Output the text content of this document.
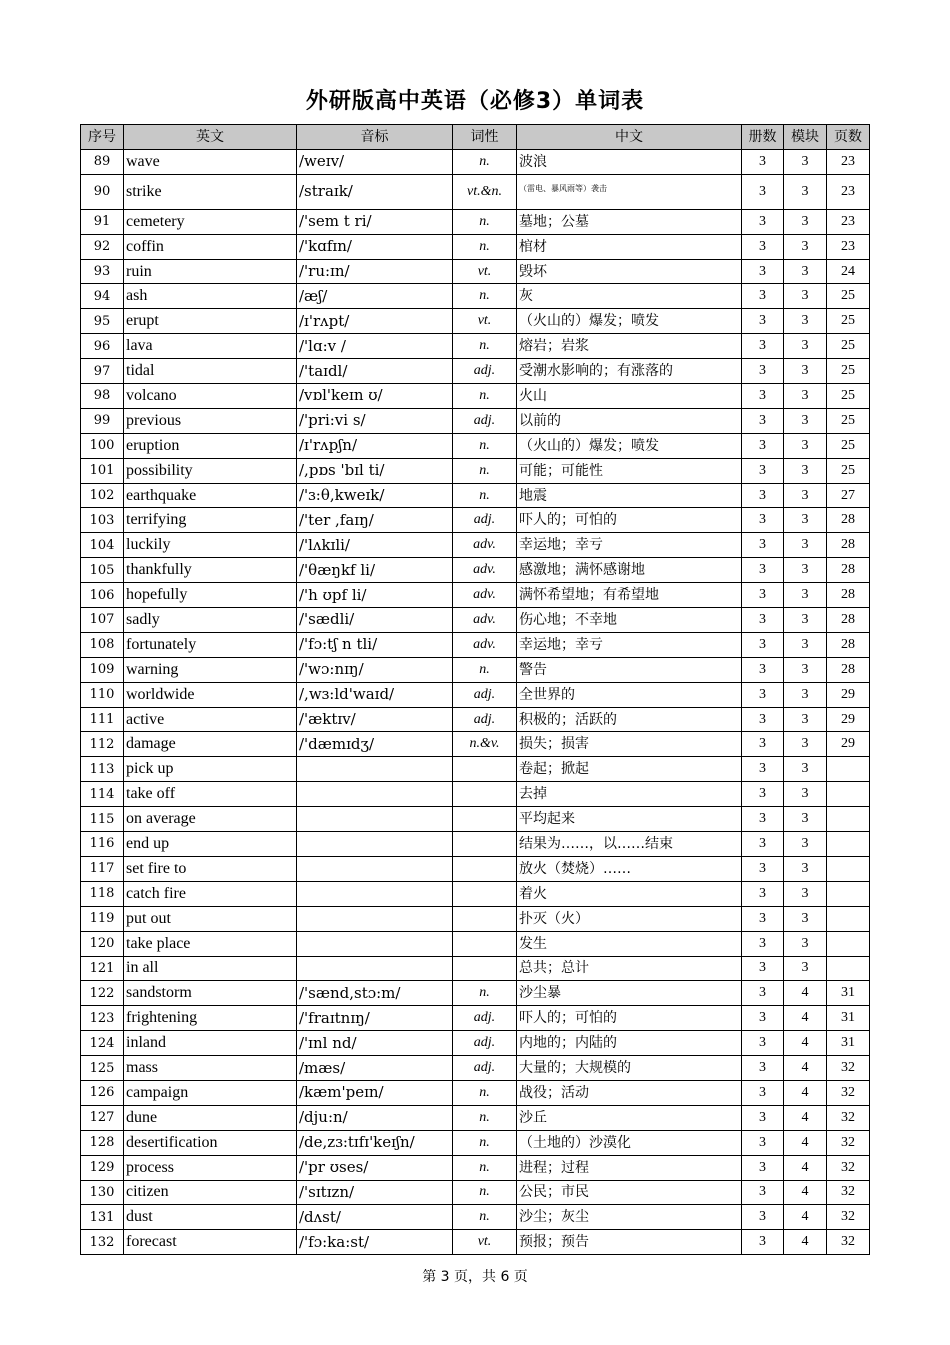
外研版高中英语（必修3）单词表
序号	英文	音标	词性	中文	册数	模块	页数
89	wave	/weɪv/	n.	波浪	3	3	23
90	strike	/straɪk/	vt.&n.	（雷电、暴风雨等）袭击	3	3	23
91	cemetery	/'sem t ri/	n.	墓地；公墓	3	3	23
92	coffin	/'kɑfɪn/	n.	棺材	3	3	23
93	ruin	/'ru:ɪn/	vt.	毁坏	3	3	24
94	ash	/æʃ/	n.	灰	3	3	25
95	erupt	/ɪ'rʌpt/	vt.	（火山的）爆发；喷发	3	3	25
96	lava	/'lɑ:v /	n.	熔岩；岩浆	3	3	25
97	tidal	/'taɪdl/	adj.	受潮水影响的；有涨落的	3	3	25
98	volcano	/vɒl'keɪn ʊ/	n.	火山	3	3	25
99	previous	/'pri:vi s/	adj.	以前的	3	3	25
100	eruption	/ɪ'rʌpʃn/	n.	（火山的）爆发；喷发	3	3	25
101	possibility	/,pɒs 'bɪl ti/	n.	可能；可能性	3	3	25
102	earthquake	/'ɜ:θ,kweɪk/	n.	地震	3	3	27
103	terrifying	/'ter ,faɪŋ/	adj.	吓人的；可怕的	3	3	28
104	luckily	/'lʌkɪli/	adv.	幸运地；幸亏	3	3	28
105	thankfully	/'θæŋkf li/	adv.	感激地；满怀感谢地	3	3	28
106	hopefully	/'h ʊpf li/	adv.	满怀希望地；有希望地	3	3	28
107	sadly	/'sædli/	adv.	伤心地；不幸地	3	3	28
108	fortunately	/'fɔ:tʃ n tli/	adv.	幸运地；幸亏	3	3	28
109	warning	/'wɔ:nɪŋ/	n.	警告	3	3	28
110	worldwide	/,wɜ:ld'waɪd/	adj.	全世界的	3	3	29
111	active	/'æktɪv/	adj.	积极的；活跃的	3	3	29
112	damage	/'dæmɪdʒ/	n.&v.	损失；损害	3	3	29
113	pick up			卷起；掀起	3	3	
114	take off			去掉	3	3	
115	on average			平均起来	3	3	
116	end up			结果为……，以……结束	3	3	
117	set fire to			放火（焚烧）……	3	3	
118	catch fire			着火	3	3	
119	put out			扑灭（火）	3	3	
120	take place			发生	3	3	
121	in all			总共；总计	3	3	
122	sandstorm	/'sænd,stɔ:m/	n.	沙尘暴	3	4	31
123	frightening	/'fraɪtnɪŋ/	adj.	吓人的；可怕的	3	4	31
124	inland	/'ɪnl nd/	adj.	内地的；内陆的	3	4	31
125	mass	/mæs/	adj.	大量的；大规模的	3	4	32
126	campaign	/kæm'peɪn/	n.	战役；活动	3	4	32
127	dune	/dju:n/	n.	沙丘	3	4	32
128	desertification	/de,zɜ:tɪfɪ'keɪʃn/	n.	（土地的）沙漠化	3	4	32
129	process	/'pr ʊses/	n.	进程；过程	3	4	32
130	citizen	/'sɪtɪzn/	n.	公民；市民	3	4	32
131	dust	/dʌst/	n.	沙尘；灰尘	3	4	32
132	forecast	/'fɔ:ka:st/	vt.	预报；预告	3	4	32
第 3 页，共 6 页
